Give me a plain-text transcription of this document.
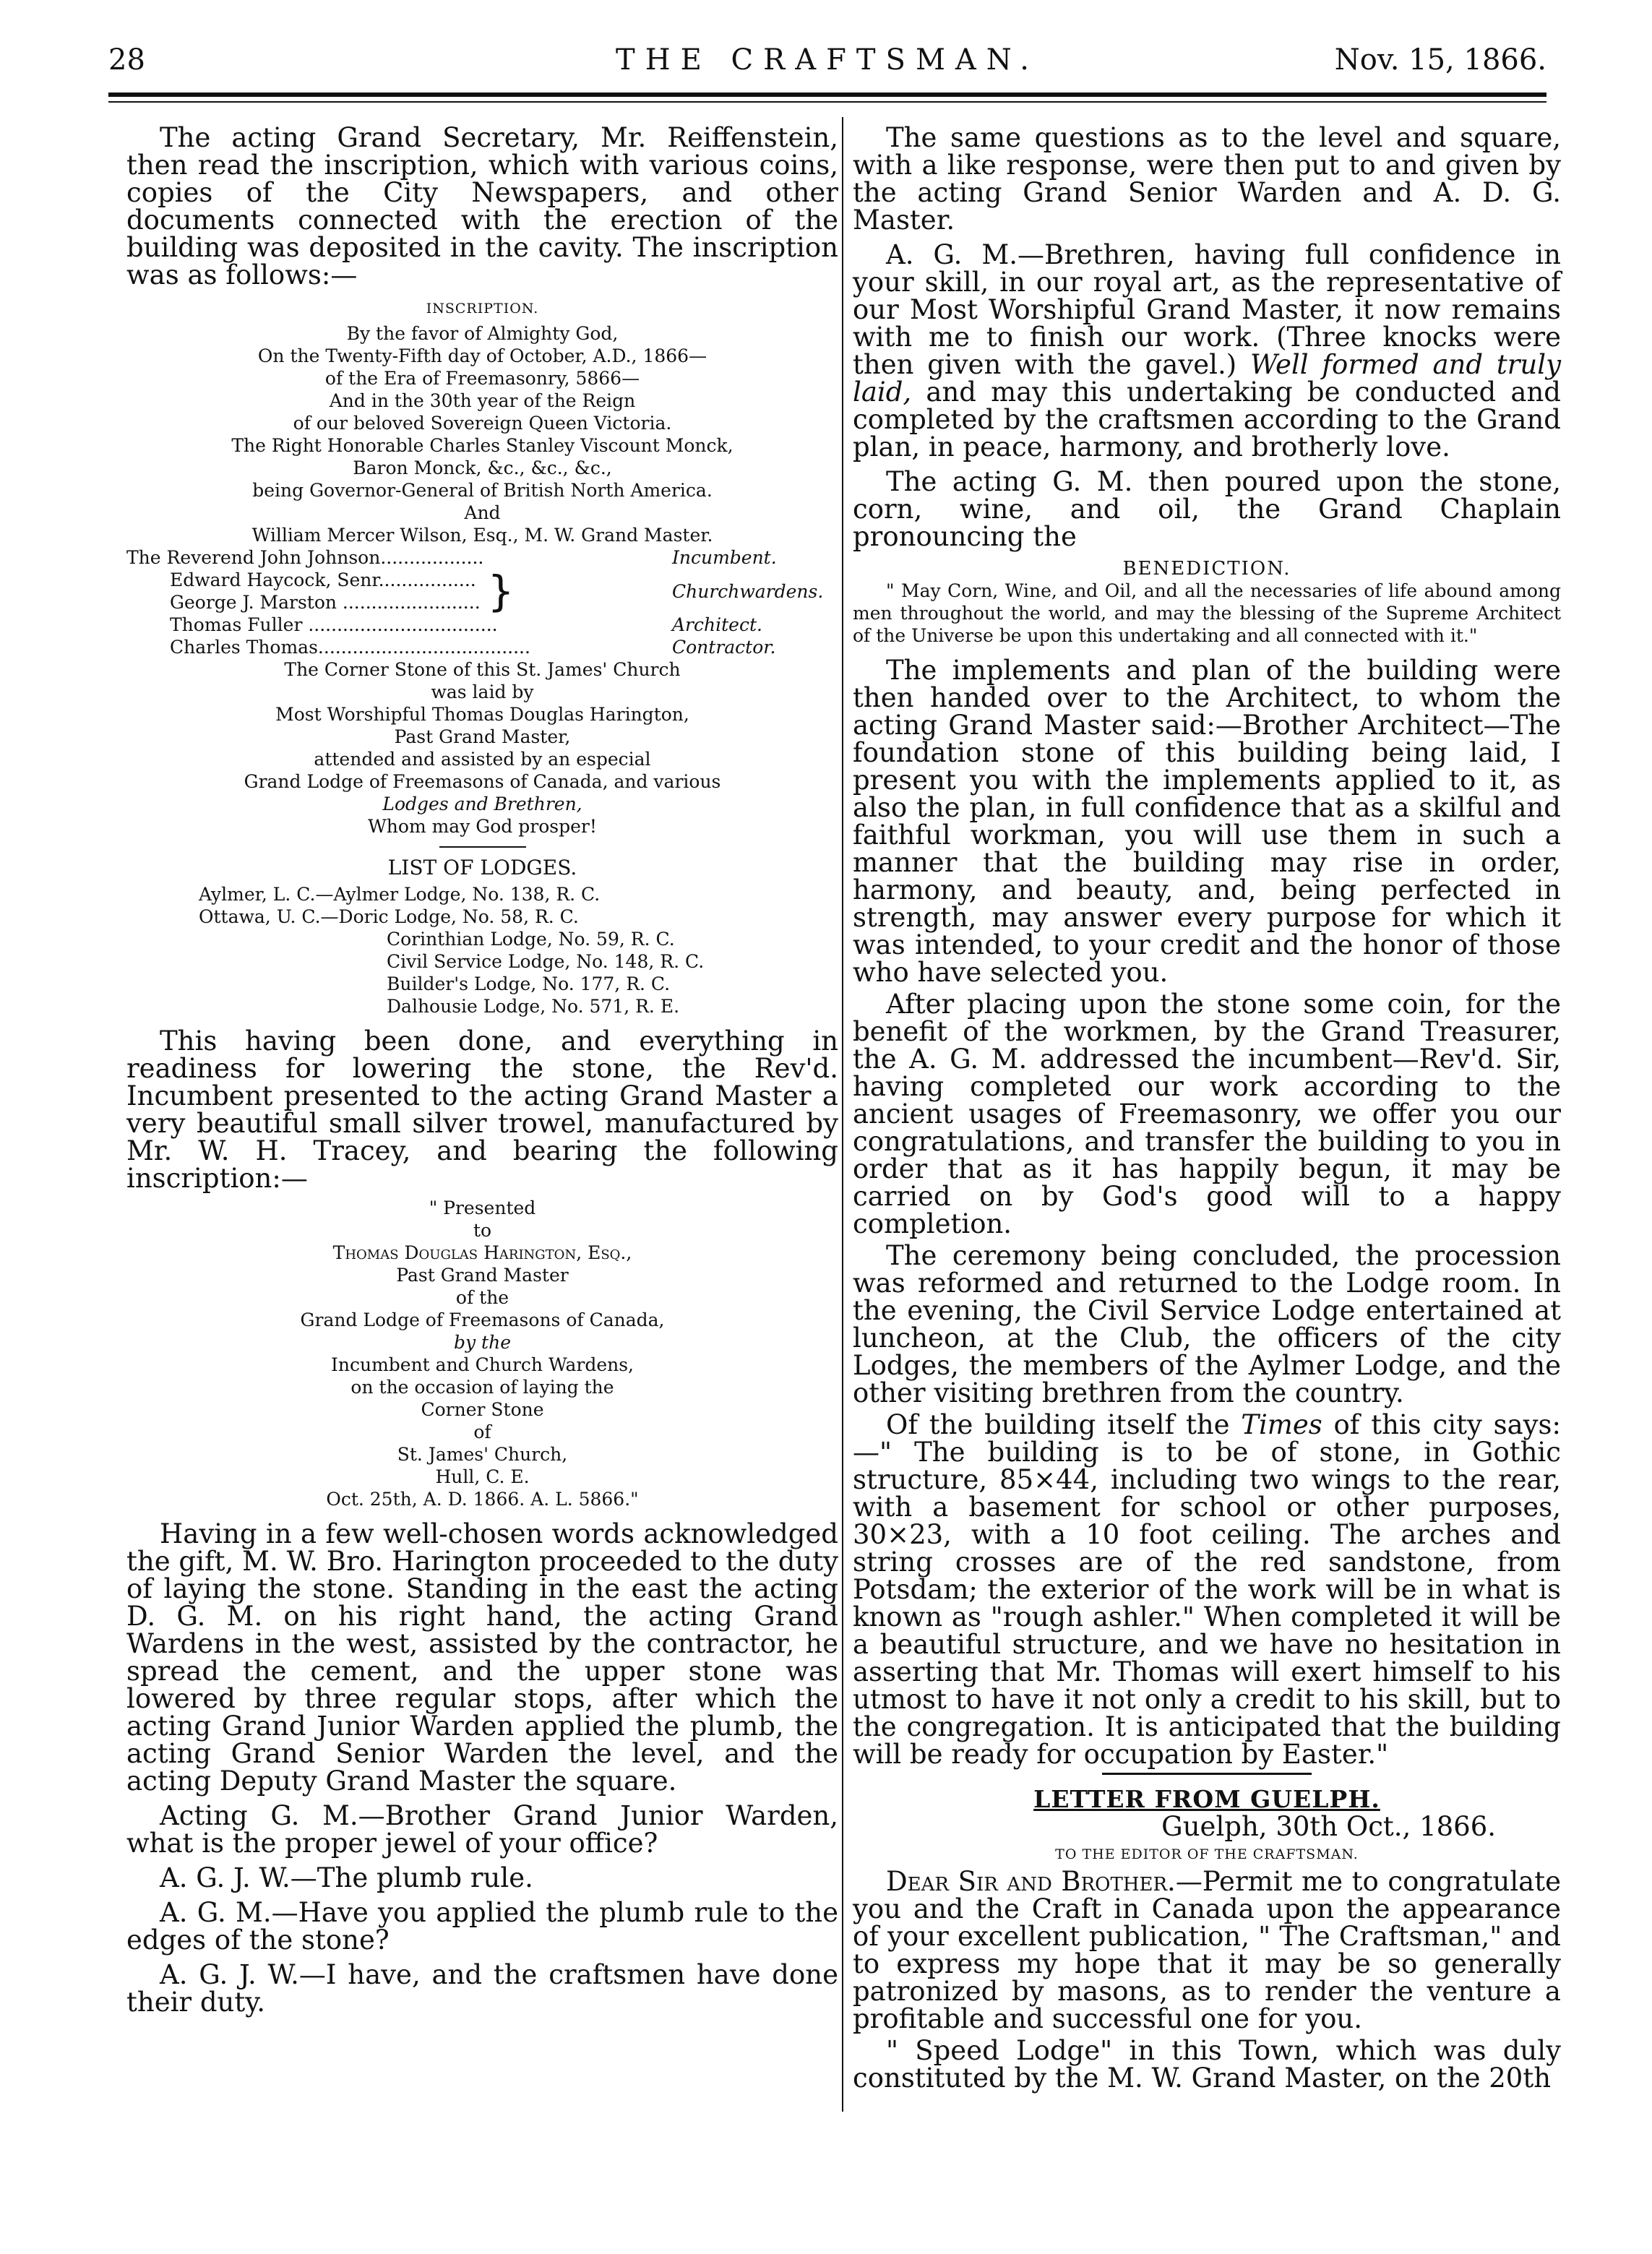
28	THE CRAFTSMAN.	Nov. 15, 1866.

The acting Grand Secretary, Mr. Reiffenstein, then read the inscription, which with various coins, copies of the City Newspapers, and other documents connected with the erection of the building was deposited in the cavity. The inscription was as follows:—

INSCRIPTION.

By the favor of Almighty God,

On the Twenty-Fifth day of October, A.D., 1866—

of the Era of Freemasonry, 5866—

And in the 30th year of the Reign

of our beloved Sovereign Queen Victoria.

The Right Honorable Charles Stanley Vis⁠⁠count Monck,

Baron Monck, &c., &c., &c.,

being Governor-General of British North America.

And

William Mercer Wilson, Esq., M. W. Grand Master.

The Reverend John Johnson..................	Incumbent.
Edward Haycock, Senr.................
George J. Marston ........................ }	Churchwardens.
Thomas Fuller .................................	Architect.
Charles Thomas.....................................	Contractor.

The Corner Stone of this St. James' Church

was laid by

Most Worshipful Thomas Douglas Harington,

Past Grand Master,

attended and assisted by an especial

Grand Lodge of Freemasons of Canada, and various

Lodges and Brethren,

Whom may God prosper!

LIST OF LODGES.

Aylmer, L. C.—Aylmer Lodge, No. 138, R. C.

Ottawa, U. C.—Doric Lodge, No. 58, R. C.

Corinthian Lodge, No. 59, R. C.

Civil Service Lodge, No. 148, R. C.

Builder's Lodge, No. 177, R. C.

Dalhousie Lodge, No. 571, R. E.

This having been done, and everything in readiness for lowering the stone, the Rev'd. Incumbent presented to the acting Grand Master a very beautiful small silver trowel, manufactured by Mr. W. H. Tracey, and bearing the following inscription:—

" Presented

to

Thomas Douglas Harington, Esq.,

Past Grand Master

of the

Grand Lodge of Freemasons of Canada,

by the

Incumbent and Church Wardens,

on the occasion of laying the

Corner Stone

of

St. James' Church,

Hull, C. E.

Oct. 25th, A. D. 1866. A. L. 5866."

Having in a few well-chosen words acknowledged the gift, M. W. Bro. Harington proceeded to the duty of laying the stone. Standing in the east the acting D. G. M. on his right hand, the acting Grand Wardens in the west, assisted by the contractor, he spread the cement, and the upper stone was lowered by three regular stops, after which the acting Grand Junior Warden applied the plumb, the acting Grand Senior Warden the level, and the acting Deputy Grand Master the square.

Acting G. M.—Brother Grand Junior Warden, what is the proper jewel of your office?

A. G. J. W.—The plumb rule.

A. G. M.—Have you applied the plumb rule to the edges of the stone?

A. G. J. W.—I have, and the craftsmen have done their duty.

The same questions as to the level and square, with a like response, were then put to and given by the acting Grand Senior Warden and A. D. G. Master.

A. G. M.—Brethren, having full confidence in your skill, in our royal art, as the representative of our Most Worshipful Grand Master, it now remains with me to finish our work. (Three knocks were then given with the gavel.) Well formed and truly laid, and may this undertaking be conducted and completed by the craftsmen according to the Grand plan, in peace, harmony, and brotherly love.

The acting G. M. then poured upon the stone, corn, wine, and oil, the Grand Chaplain pronouncing the

BENEDICTION.

" May Corn, Wine, and Oil, and all the necessaries of life abound among men throughout the world, and may the blessing of the Supreme Architect of the Universe be upon this undertaking and all connected with it."

The implements and plan of the building were then handed over to the Architect, to whom the acting Grand Master said:—Brother Architect—The foundation stone of this building being laid, I present you with the implements applied to it, as also the plan, in full confidence that as a skilful and faithful workman, you will use them in such a manner that the building may rise in order, harmony, and beauty, and, being perfected in strength, may answer every purpose for which it was intended, to your credit and the honor of those who have selected you.

After placing upon the stone some coin, for the benefit of the workmen, by the Grand Treasurer, the A. G. M. addressed the incumbent—Rev'd. Sir, having completed our work according to the ancient usages of Freemasonry, we offer you our congratulations, and transfer the building to you in order that as it has happily begun, it may be carried on by God's good will to a happy completion.

The ceremony being concluded, the procession was reformed and returned to the Lodge room. In the evening, the Civil Service Lodge entertained at luncheon, at the Club, the officers of the city Lodges, the members of the Aylmer Lodge, and the other visiting brethren from the country.

Of the building itself the Times of this city says:—" The building is to be of stone, in Gothic structure, 85×44, including two wings to the rear, with a basement for school or other purposes, 30×23, with a 10 foot ceiling. The arches and string crosses are of the red sandstone, from Potsdam; the exterior of the work will be in what is known as "rough ashler." When completed it will be a beautiful structure, and we have no hesitation in asserting that Mr. Thomas will exert himself to his utmost to have it not only a credit to his skill, but to the congregation. It is anticipated that the building will be ready for occupation by Easter."

LETTER FROM GUELPH.

Guelph, 30th Oct., 1866.

TO THE EDITOR OF THE CRAFTSMAN.

Dear Sir and Brother.—Permit me to congratulate you and the Craft in Canada upon the appearance of your excellent publication, " The Craftsman," and to express my hope that it may be so generally patronized by masons, as to render the venture a profitable and successful one for you.

" Speed Lodge" in this Town, which was duly constituted by the M. W. Grand Master, on the 20th
